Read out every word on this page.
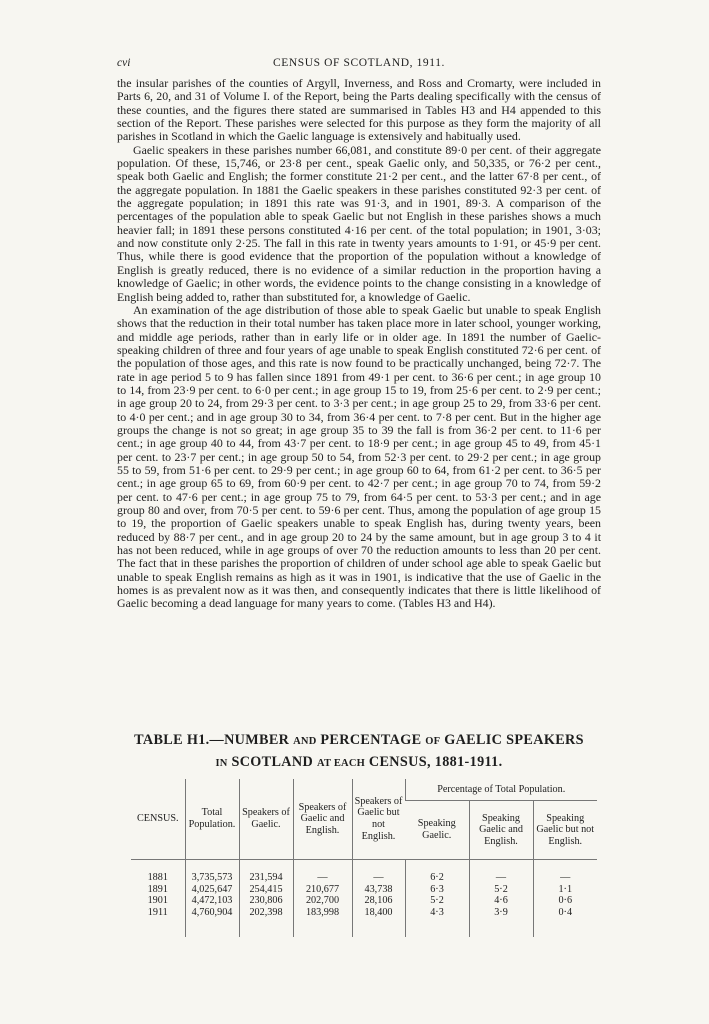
cvi	CENSUS OF SCOTLAND, 1911.

the insular parishes of the counties of Argyll, Inverness, and Ross and Cromarty, were included in Parts 6, 20, and 31 of Volume I. of the Report, being the Parts dealing specifically with the census of these counties, and the figures there stated are summarised in Tables H3 and H4 appended to this section of the Report. These parishes were selected for this purpose as they form the majority of all parishes in Scotland in which the Gaelic language is extensively and habitually used.

Gaelic speakers in these parishes number 66,081, and constitute 89·0 per cent. of their aggregate population. Of these, 15,746, or 23·8 per cent., speak Gaelic only, and 50,335, or 76·2 per cent., speak both Gaelic and English; the former constitute 21·2 per cent., and the latter 67·8 per cent., of the aggregate population. In 1881 the Gaelic speakers in these parishes constituted 92·3 per cent. of the aggregate population; in 1891 this rate was 91·3, and in 1901, 89·3. A comparison of the percentages of the population able to speak Gaelic but not English in these parishes shows a much heavier fall; in 1891 these persons constituted 4·16 per cent. of the total population; in 1901, 3·03; and now constitute only 2·25. The fall in this rate in twenty years amounts to 1·91, or 45·9 per cent. Thus, while there is good evidence that the proportion of the population without a knowledge of English is greatly reduced, there is no evidence of a similar reduction in the proportion having a knowledge of Gaelic; in other words, the evidence points to the change consisting in a knowledge of English being added to, rather than substituted for, a knowledge of Gaelic.

An examination of the age distribution of those able to speak Gaelic but unable to speak English shows that the reduction in their total number has taken place more in later school, younger working, and middle age periods, rather than in early life or in older age. In 1891 the number of Gaelic-speaking children of three and four years of age unable to speak English constituted 72·6 per cent. of the population of those ages, and this rate is now found to be practically unchanged, being 72·7. The rate in age period 5 to 9 has fallen since 1891 from 49·1 per cent. to 36·6 per cent.; in age group 10 to 14, from 23·9 per cent. to 6·0 per cent.; in age group 15 to 19, from 25·6 per cent. to 2·9 per cent.; in age group 20 to 24, from 29·3 per cent. to 3·3 per cent.; in age group 25 to 29, from 33·6 per cent. to 4·0 per cent.; and in age group 30 to 34, from 36·4 per cent. to 7·8 per cent. But in the higher age groups the change is not so great; in age group 35 to 39 the fall is from 36·2 per cent. to 11·6 per cent.; in age group 40 to 44, from 43·7 per cent. to 18·9 per cent.; in age group 45 to 49, from 45·1 per cent. to 23·7 per cent.; in age group 50 to 54, from 52·3 per cent. to 29·2 per cent.; in age group 55 to 59, from 51·6 per cent. to 29·9 per cent.; in age group 60 to 64, from 61·2 per cent. to 36·5 per cent.; in age group 65 to 69, from 60·9 per cent. to 42·7 per cent.; in age group 70 to 74, from 59·2 per cent. to 47·6 per cent.; in age group 75 to 79, from 64·5 per cent. to 53·3 per cent.; and in age group 80 and over, from 70·5 per cent. to 59·6 per cent. Thus, among the population of age group 15 to 19, the proportion of Gaelic speakers unable to speak English has, during twenty years, been reduced by 88·7 per cent., and in age group 20 to 24 by the same amount, but in age group 3 to 4 it has not been reduced, while in age groups of over 70 the reduction amounts to less than 20 per cent. The fact that in these parishes the proportion of children of under school age able to speak Gaelic but unable to speak English remains as high as it was in 1901, is indicative that the use of Gaelic in the homes is as prevalent now as it was then, and consequently indicates that there is little likelihood of Gaelic becoming a dead language for many years to come. (Tables H3 and H4).

TABLE H1.—NUMBER AND PERCENTAGE OF GAELIC SPEAKERS
IN SCOTLAND AT EACH CENSUS, 1881-1911.
CENSUS.	Total Population.	Speakers of Gaelic.	Speakers of Gaelic and English.	Speakers of Gaelic but not English.	Percentage of Total Population.		
					Speaking Gaelic.	Speaking Gaelic and English.	Speaking Gaelic but not English.

1881	3,735,573	231,594	—	—	6·2	—	—
1891	4,025,647	254,415	210,677	43,738	6·3	5·2	1·1
1901	4,472,103	230,806	202,700	28,106	5·2	4·6	0·6
1911	4,760,904	202,398	183,998	18,400	4·3	3·9	0·4
